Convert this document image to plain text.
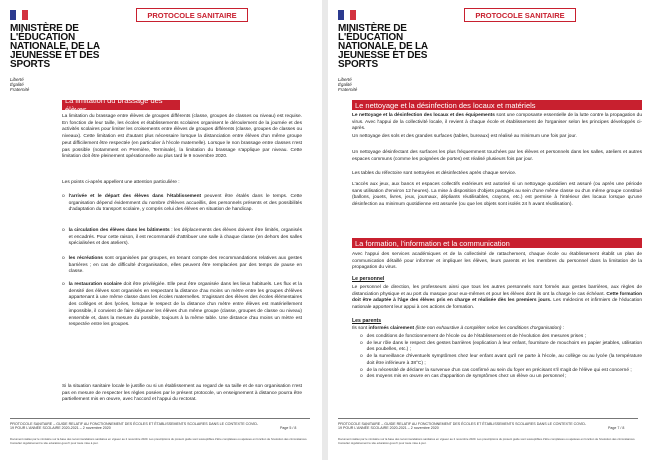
MINISTÈRE DE L'ÉDUCATION NATIONALE, DE LA JEUNESSE ET DES SPORTS
Liberté
Égalité
Fraternité
PROTOCOLE SANITAIRE
La limitation du brassage des élèves
La limitation du brassage entre élèves de groupes différents (classe, groupes de classes ou niveau) est requise. En fonction de leur taille, les écoles et établissements scolaires organisent le déroulement de la journée et des activités scolaires pour limiter les croisements entre élèves de groupes différents (classe, groupes de classes ou niveaux). Cette limitation est d'autant plus nécessaire lorsque la distanciation entre élèves d'un même groupe peut difficilement être respectée (en particulier à l'école maternelle). Lorsque le non brassage entre classes n'est pas possible (notamment en Première, Terminale), la limitation du brassage s'applique par niveau. Cette limitation doit être pleinement opérationnelle au plus tard le 9 novembre 2020.
Les points ci-après appellent une attention particulière :
o l'arrivée et le départ des élèves dans l'établissement peuvent être étalés dans le temps. Cette organisation dépend évidemment du nombre d'élèves accueillis, des personnels présents et des possibilités d'adaptation du transport scolaire, y compris celui des élèves en situation de handicap.
o la circulation des élèves dans les bâtiments : les déplacements des élèves doivent être limités, organisés et encadrés. Pour cette raison, il est recommandé d'attribuer une salle à chaque classe (en dehors des salles spécialisées et des ateliers).
o les récréations sont organisées par groupes, en tenant compte des recommandations relatives aux gestes barrières ; en cas de difficulté d'organisation, elles peuvent être remplacées par des temps de pause en classe.
o la restauration scolaire doit être privilégiée. Elle peut être organisée dans les lieux habituels. Les flux et la densité des élèves sont organisés en respectant la distance d'au moins un mètre entre les groupes d'élèves appartenant à une même classe dans les écoles maternelles. S'agissant des élèves des écoles élémentaires des collèges et des lycées, lorsque le respect de la distance d'un mètre entre élèves est matériellement impossible, il convient de faire déjeuner les élèves d'un même groupe (classe, groupes de classe ou niveau) ensemble et, dans la mesure du possible, toujours à la même table. Une distance d'au moins un mètre est respectée entre les groupes.
Si la situation sanitaire locale le justifie ou si un établissement au regard de sa taille et de son organisation n'est pas en mesure de respecter les règles posées par le présent protocole, un enseignement à distance pourra être partiellement mis en œuvre, avec l'accord et l'appui du rectorat.
PROTOCOLE SANITAIRE – GUIDE RELATIF AU FONCTIONNEMENT DES ÉCOLES ET ÉTABLISSEMENTS SCOLAIRES DANS LE CONTEXTE COVID-19 POUR L'ANNÉE SCOLAIRE 2020-2021 – 2 novembre 2020	Page 5 / 8
Document réalisé par le ministère sur la base des recommandations sanitaires en vigueur au 2 novembre 2020. Les prescriptions du présent guide sont susceptibles d'être complétées ou ajustées en fonction de l'évolution des circonstances. Consulter régulièrement le site education.gouv.fr pour toute mise à jour.
MINISTÈRE DE L'ÉDUCATION NATIONALE, DE LA JEUNESSE ET DES SPORTS
Liberté
Égalité
Fraternité
PROTOCOLE SANITAIRE
Le nettoyage et la désinfection des locaux et matériels
Le nettoyage et la désinfection des locaux et des équipements sont une composante essentielle de la lutte contre la propagation du virus. Avec l'appui de la collectivité locale, il revient à chaque école et établissement de l'organiser selon les principes développés ci-après.
Un nettoyage des sols et des grandes surfaces (tables, bureaux) est réalisé au minimum une fois par jour.
Un nettoyage désinfectant des surfaces les plus fréquemment touchées par les élèves et personnels dans les salles, ateliers et autres espaces communs (comme les poignées de portes) est réalisé plusieurs fois par jour.
Les tables du réfectoire sont nettoyées et désinfectées après chaque service.
L'accès aux jeux, aux bancs et espaces collectifs extérieurs est autorisé si un nettoyage quotidien est assuré (ou après une période sans utilisation d'environ 12 heures). La mise à disposition d'objets partagés au sein d'une même classe ou d'un même groupe constitué (ballons, jouets, livres, jeux, journaux, dépliants réutilisables, crayons, etc.) est permise à l'intérieur des locaux lorsque qu'une désinfection au minimum quotidienne est assurée (ou que les objets sont isolés 24 h avant réutilisation).
La formation, l'information et la communication
Avec l'appui des services académiques et de la collectivité de rattachement, chaque école ou établissement établit un plan de communication détaillé pour informer et impliquer les élèves, leurs parents et les membres du personnel dans la limitation de la propagation du virus.
Le personnel
Le personnel de direction, les professeurs ainsi que tous les autres personnels sont formés aux gestes barrières, aux règles de distanciation physique et au port du masque pour eux-mêmes et pour les élèves dont ils ont la charge le cas échéant. Cette formation doit être adaptée à l'âge des élèves pris en charge et réalisée dès les premiers jours. Les médecins et infirmiers de l'éducation nationale apportent leur appui à ces actions de formation.
Les parents
Ils sont informés clairement (liste non exhaustive à compléter selon les conditions d'organisation) :
o des conditions de fonctionnement de l'école ou de l'établissement et de l'évolution des mesures prises ;
o de leur rôle dans le respect des gestes barrières (explication à leur enfant, fourniture de mouchoirs en papier jetables, utilisation des poubelles, etc.) ;
o de la surveillance d'éventuels symptômes chez leur enfant avant qu'il ne parte à l'école, au collège ou au lycée (la température doit être inférieure à 38°C) ;
o de la nécessité de déclarer la survenue d'un cas confirmé au sein du foyer en précisant s'il s'agit de l'élève qui est concerné ;
o des moyens mis en œuvre en cas d'apparition de symptômes chez un élève ou un personnel ;
PROTOCOLE SANITAIRE – GUIDE RELATIF AU FONCTIONNEMENT DES ÉCOLES ET ÉTABLISSEMENTS SCOLAIRES DANS LE CONTEXTE COVID-19 POUR L'ANNÉE SCOLAIRE 2020-2021 – 2 novembre 2020	Page 7 / 8
Document réalisé par le ministère sur la base des recommandations sanitaires en vigueur au 2 novembre 2020. Les prescriptions du présent guide sont susceptibles d'être complétées ou ajustées en fonction de l'évolution des circonstances. Consulter régulièrement le site education.gouv.fr pour toute mise à jour.
